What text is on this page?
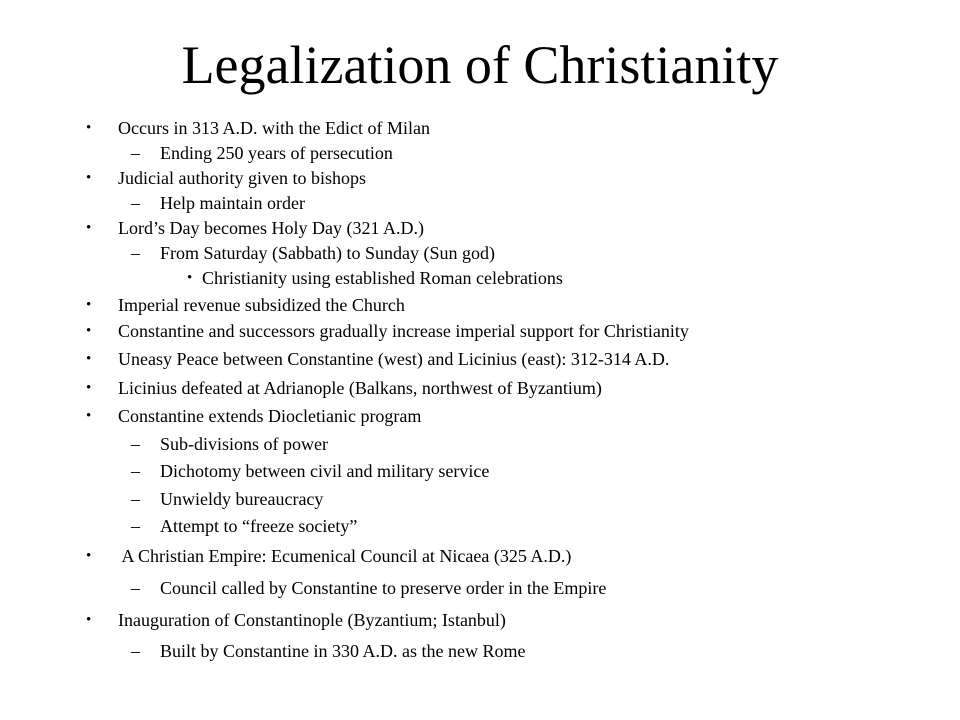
Legalization of Christianity
• Occurs in 313 A.D. with the Edict of Milan
– Ending 250 years of persecution
• Judicial authority given to bishops
– Help maintain order
• Lord’s Day becomes Holy Day (321 A.D.)
– From Saturday (Sabbath) to Sunday (Sun god)
• Christianity using established Roman celebrations
• Imperial revenue subsidized the Church
• Constantine and successors gradually increase imperial support for Christianity
• Uneasy Peace between Constantine (west) and Licinius (east): 312-314 A.D.
• Licinius defeated at Adrianople (Balkans, northwest of Byzantium)
• Constantine extends Diocletianic program
– Sub-divisions of power
– Dichotomy between civil and military service
– Unwieldy bureaucracy
– Attempt to “freeze society”
• A Christian Empire: Ecumenical Council at Nicaea (325 A.D.)
– Council called by Constantine to preserve order in the Empire
• Inauguration of Constantinople (Byzantium; Istanbul)
– Built by Constantine in 330 A.D. as the new Rome
